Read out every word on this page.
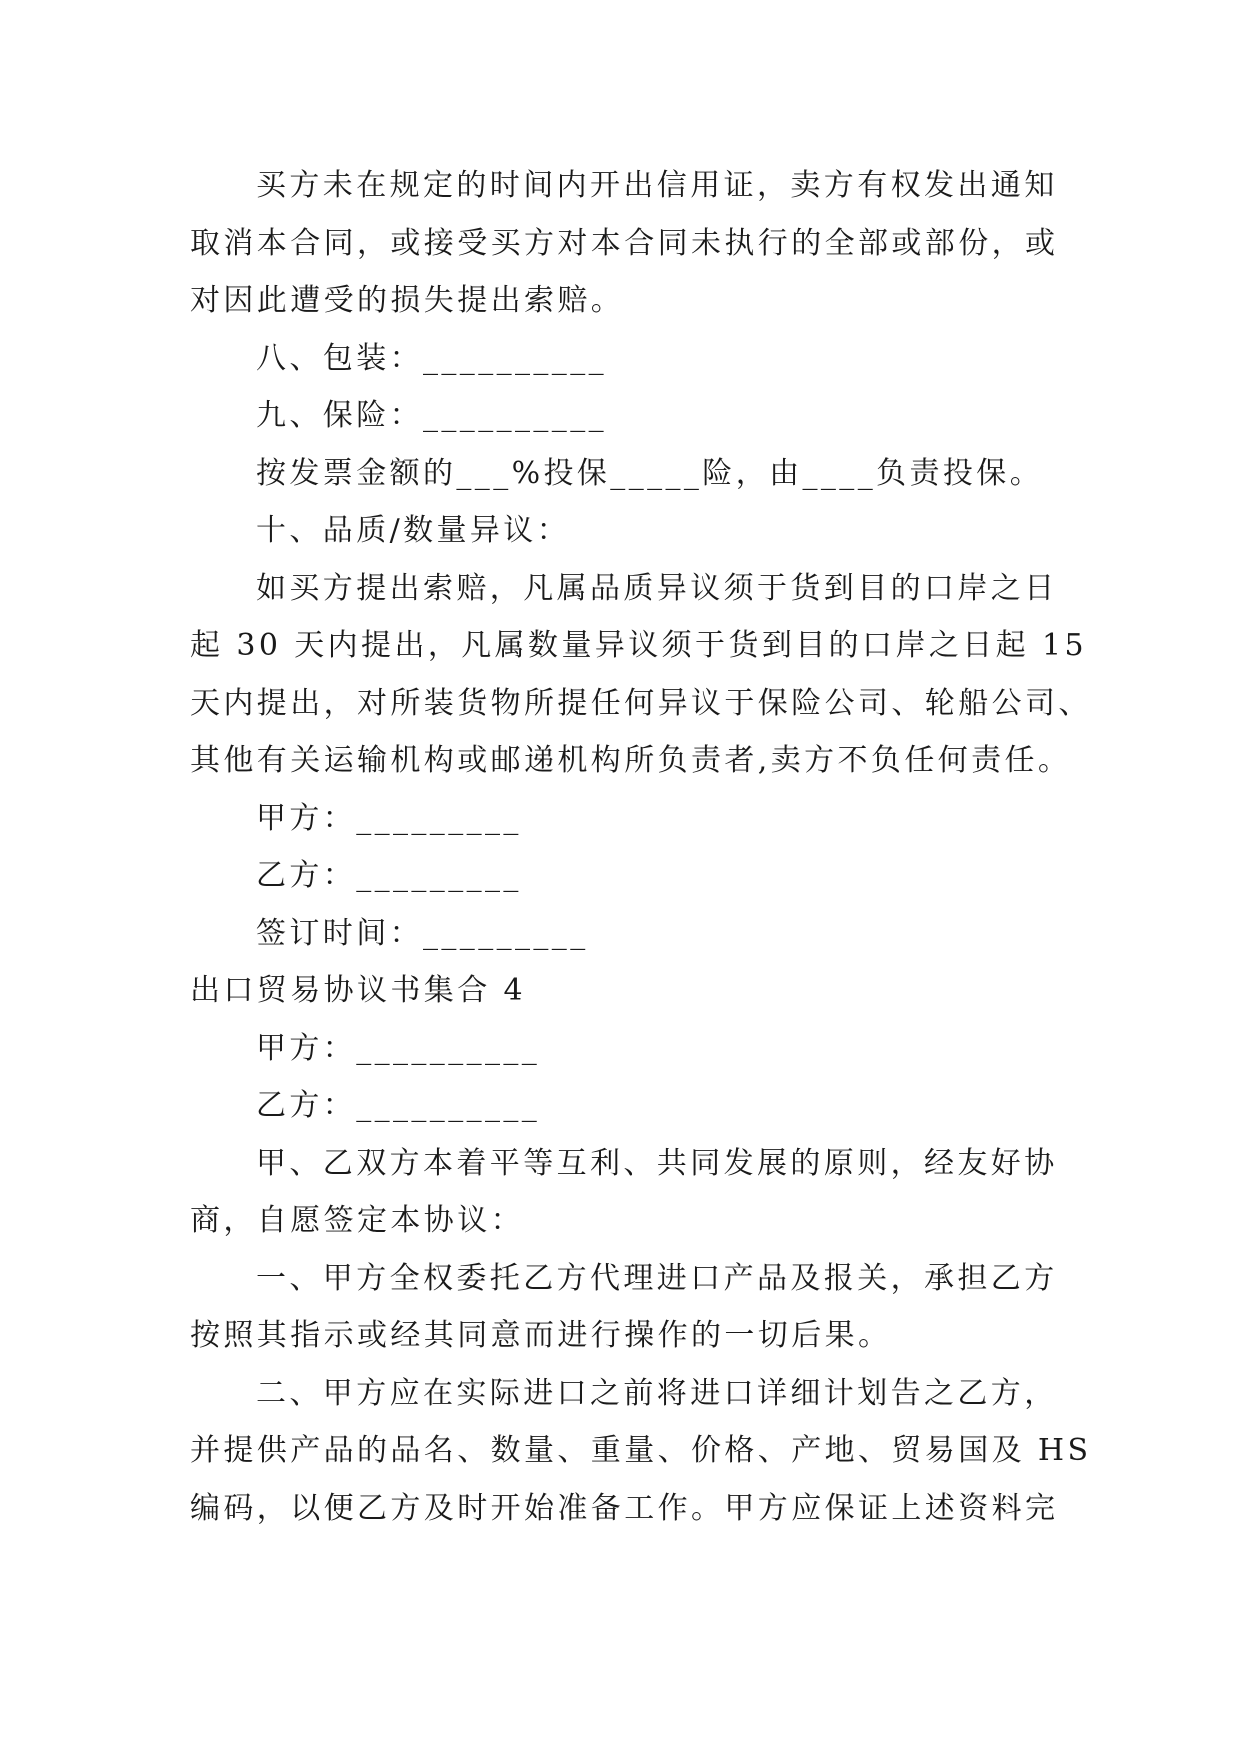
买方未在规定的时间内开出信用证，卖方有权发出通知

取消本合同，或接受买方对本合同未执行的全部或部份，或

对因此遭受的损失提出索赔。

八、包装：__________

九、保险：__________

按发票金额的___%投保_____险，由____负责投保。

十、品质/数量异议：

如买方提出索赔，凡属品质异议须于货到目的口岸之日

起 30 天内提出，凡属数量异议须于货到目的口岸之日起 15

天内提出，对所装货物所提任何异议于保险公司、轮船公司、

其他有关运输机构或邮递机构所负责者,卖方不负任何责任。

甲方：_________

乙方：_________

签订时间：_________

出口贸易协议书集合 4

甲方：__________

乙方：__________

甲、乙双方本着平等互利、共同发展的原则，经友好协

商，自愿签定本协议：

一、甲方全权委托乙方代理进口产品及报关，承担乙方

按照其指示或经其同意而进行操作的一切后果。

二、甲方应在实际进口之前将进口详细计划告之乙方，

并提供产品的品名、数量、重量、价格、产地、贸易国及 HS

编码，以便乙方及时开始准备工作。甲方应保证上述资料完
